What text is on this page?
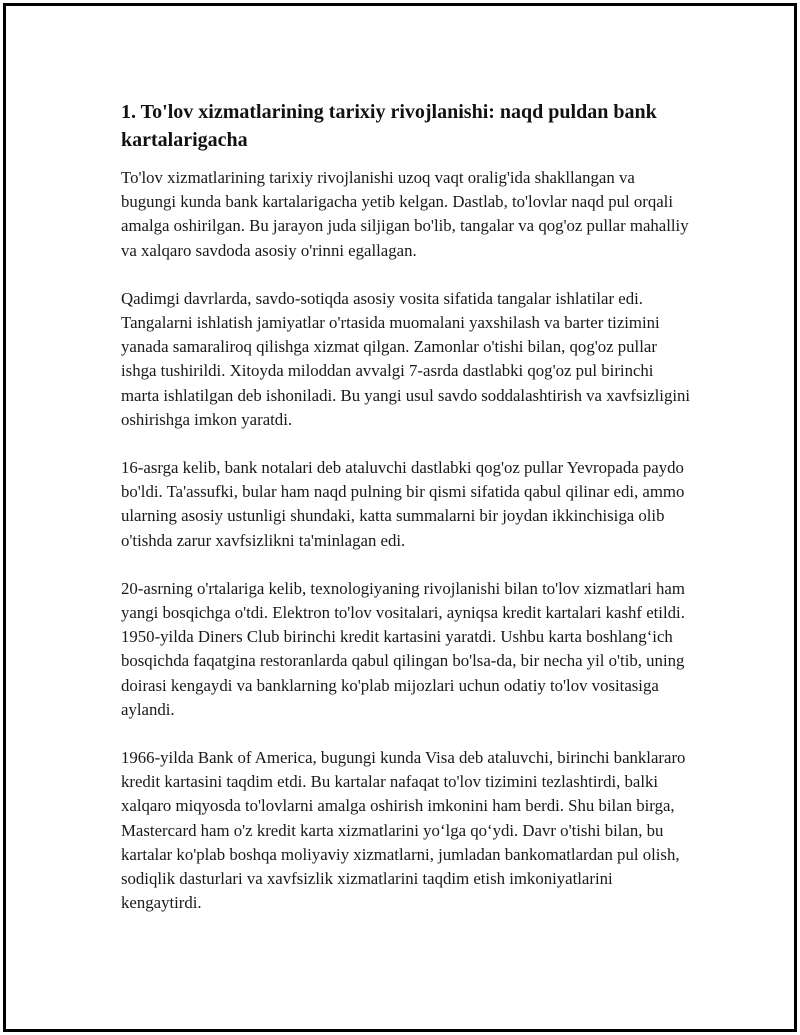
1. To'lov xizmatlarining tarixiy rivojlanishi: naqd puldan bank kartalarigacha

To'lov xizmatlarining tarixiy rivojlanishi uzoq vaqt oralig'ida shakllangan va bugungi kunda bank kartalarigacha yetib kelgan. Dastlab, to'lovlar naqd pul orqali amalga oshirilgan. Bu jarayon juda siljigan bo'lib, tangalar va qog'oz pullar mahalliy va xalqaro savdoda asosiy o'rinni egallagan.

Qadimgi davrlarda, savdo-sotiqda asosiy vosita sifatida tangalar ishlatilar edi. Tangalarni ishlatish jamiyatlar o'rtasida muomalani yaxshilash va barter tizimini yanada samaraliroq qilishga xizmat qilgan. Zamonlar o'tishi bilan, qog'oz pullar ishga tushirildi. Xitoyda miloddan avvalgi 7-asrda dastlabki qog'oz pul birinchi marta ishlatilgan deb ishoniladi. Bu yangi usul savdo soddalashtirish va xavfsizligini oshirishga imkon yaratdi.

16-asrga kelib, bank notalari deb ataluvchi dastlabki qog'oz pullar Yevropada paydo bo'ldi. Ta'assufki, bular ham naqd pulning bir qismi sifatida qabul qilinar edi, ammo ularning asosiy ustunligi shundaki, katta summalarni bir joydan ikkinchisiga olib o'tishda zarur xavfsizlikni ta'minlagan edi.

20-asrning o'rtalariga kelib, texnologiyaning rivojlanishi bilan to'lov xizmatlari ham yangi bosqichga o'tdi. Elektron to'lov vositalari, ayniqsa kredit kartalari kashf etildi. 1950-yilda Diners Club birinchi kredit kartasini yaratdi. Ushbu karta boshlang‘ich bosqichda faqatgina restoranlarda qabul qilingan bo'lsa-da, bir necha yil o'tib, uning doirasi kengaydi va banklarning ko'plab mijozlari uchun odatiy to'lov vositasiga aylandi.

1966-yilda Bank of America, bugungi kunda Visa deb ataluvchi, birinchi banklararo kredit kartasini taqdim etdi. Bu kartalar nafaqat to'lov tizimini tezlashtirdi, balki xalqaro miqyosda to'lovlarni amalga oshirish imkonini ham berdi. Shu bilan birga, Mastercard ham o'z kredit karta xizmatlarini yo‘lga qo‘ydi. Davr o'tishi bilan, bu kartalar ko'plab boshqa moliyaviy xizmatlarni, jumladan bankomatlardan pul olish, sodiqlik dasturlari va xavfsizlik xizmatlarini taqdim etish imkoniyatlarini kengaytirdi.
